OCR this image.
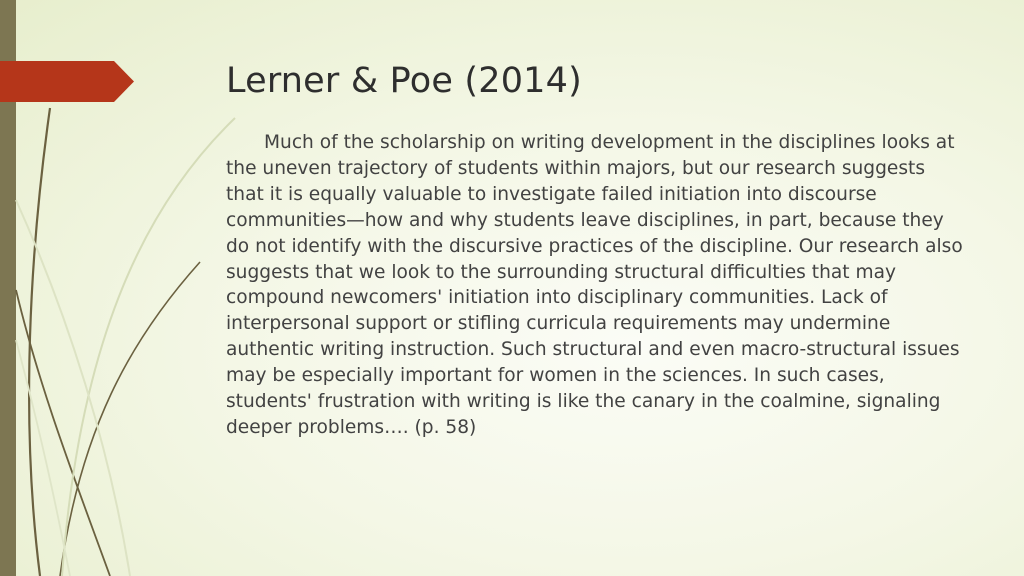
Lerner & Poe (2014)

Much of the scholarship on writing development in the disciplines looks at the uneven trajectory of students within majors, but our research suggests that it is equally valuable to investigate failed initiation into discourse communities—how and why students leave disciplines, in part, because they do not identify with the discursive practices of the discipline. Our research also suggests that we look to the surrounding structural difficulties that may compound newcomers' initiation into disciplinary communities. Lack of interpersonal support or stifling curricula requirements may undermine authentic writing instruction. Such structural and even macro-structural issues may be especially important for women in the sciences. In such cases, students' frustration with writing is like the canary in the coalmine, signaling deeper problems…. (p. 58)
